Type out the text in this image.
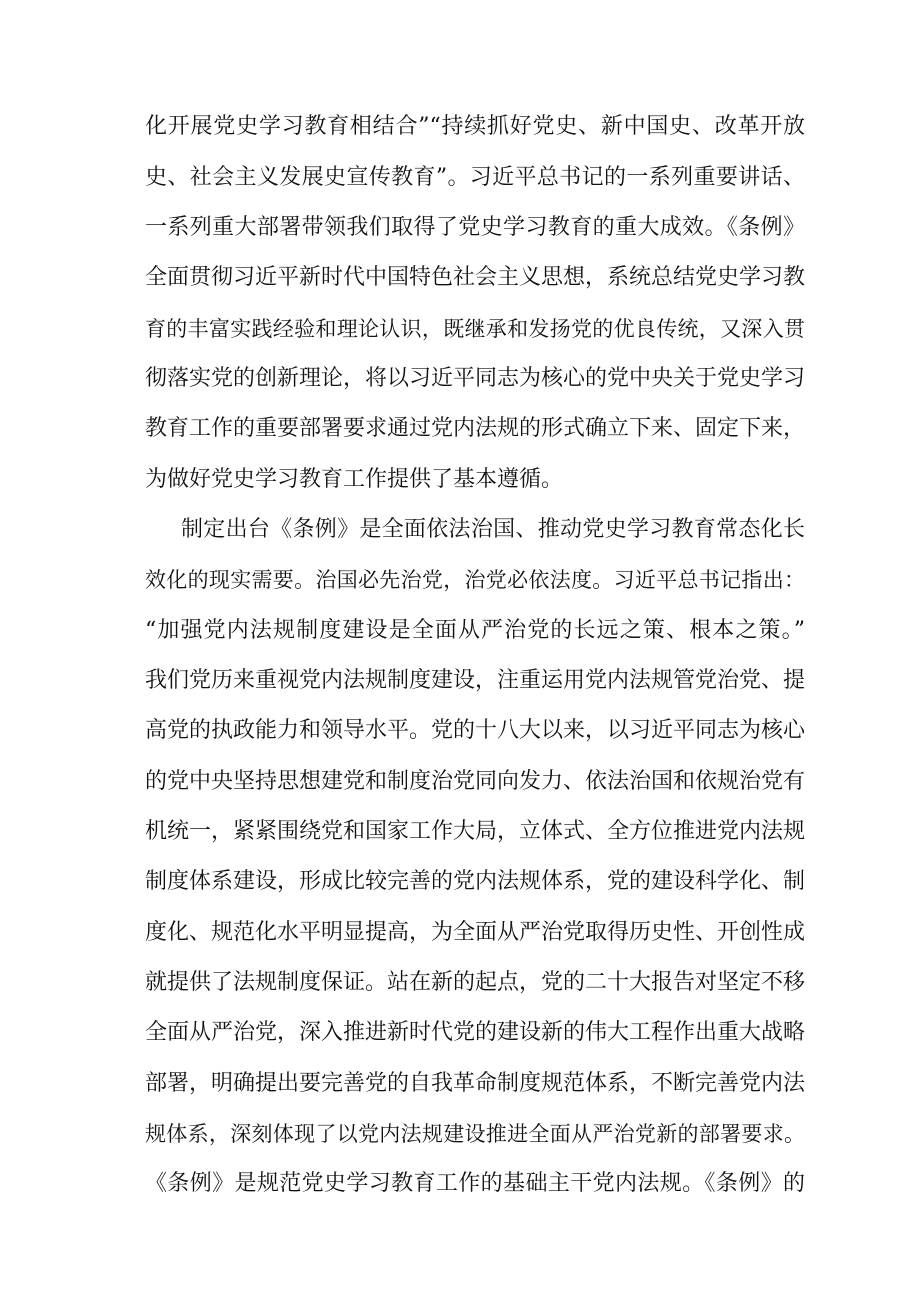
化开展党史学习教育相结合”“持续抓好党史、新中国史、改革开放
史、社会主义发展史宣传教育”。习近平总书记的一系列重要讲话、
一系列重大部署带领我们取得了党史学习教育的重大成效。《条例》
全面贯彻习近平新时代中国特色社会主义思想，系统总结党史学习教
育的丰富实践经验和理论认识，既继承和发扬党的优良传统，又深入贯
彻落实党的创新理论，将以习近平同志为核心的党中央关于党史学习
教育工作的重要部署要求通过党内法规的形式确立下来、固定下来，
为做好党史学习教育工作提供了基本遵循。
制定出台《条例》是全面依法治国、推动党史学习教育常态化长
效化的现实需要。治国必先治党，治党必依法度。习近平总书记指出：
“加强党内法规制度建设是全面从严治党的长远之策、根本之策。”
我们党历来重视党内法规制度建设，注重运用党内法规管党治党、提
高党的执政能力和领导水平。党的十八大以来，以习近平同志为核心
的党中央坚持思想建党和制度治党同向发力、依法治国和依规治党有
机统一，紧紧围绕党和国家工作大局，立体式、全方位推进党内法规
制度体系建设，形成比较完善的党内法规体系，党的建设科学化、制
度化、规范化水平明显提高，为全面从严治党取得历史性、开创性成
就提供了法规制度保证。站在新的起点，党的二十大报告对坚定不移
全面从严治党，深入推进新时代党的建设新的伟大工程作出重大战略
部署，明确提出要完善党的自我革命制度规范体系，不断完善党内法
规体系，深刻体现了以党内法规建设推进全面从严治党新的部署要求。
《条例》是规范党史学习教育工作的基础主干党内法规。《条例》的
